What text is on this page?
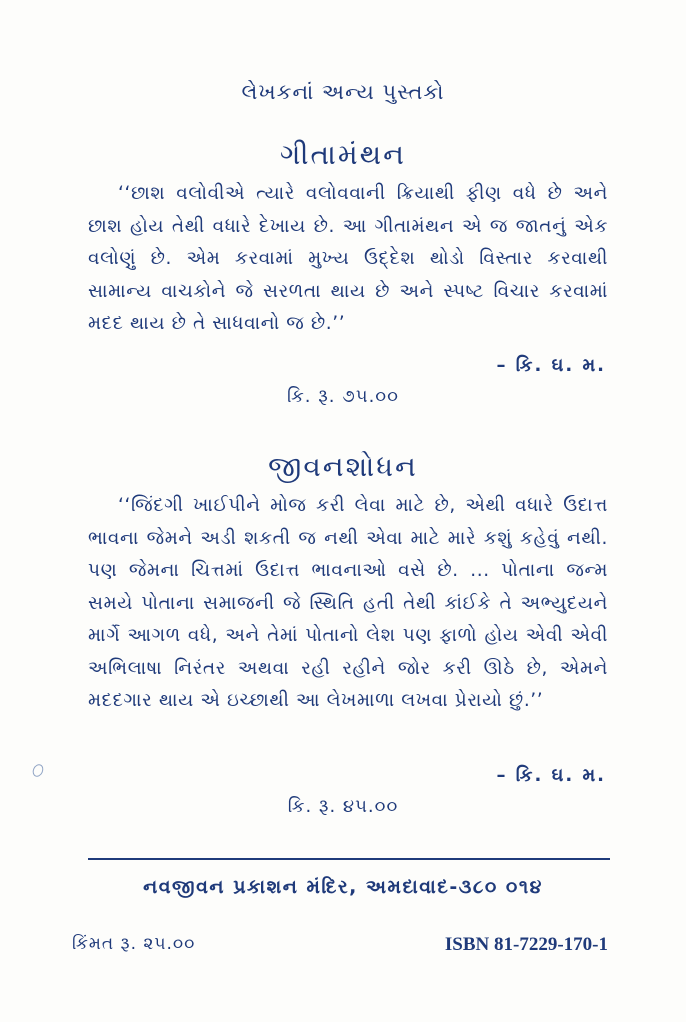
લેખકનાં અન્ય પુસ્તકો
ગીતામંથન
‘‘છાશ વલોવીએ ત્યારે વલોવવાની ક્રિયાથી ફીણ વધે છે અને છાશ હોય તેથી વધારે દેખાય છે. આ ગીતામંથન એ જ જાતનું એક વલોણું છે. એમ કરવામાં મુખ્ય ઉદ્દેશ થોડો વિસ્તાર કરવાથી સામાન્ય વાચકોને જે સરળતા થાય છે અને સ્પષ્ટ વિચાર કરવામાં મદદ થાય છે તે સાધવાનો જ છે.’’
– કિ. ઘ. મ.
કિ. રૂ. ૭૫.૦૦
જીવનશોધન
‘‘જિંદગી ખાઈપીને મોજ કરી લેવા માટે છે, એથી વધારે ઉદાત્ત ભાવના જેમને અડી શકતી જ નથી એવા માટે મારે કશું કહેવું નથી. પણ જેમના ચિત્તમાં ઉદાત્ત ભાવનાઓ વસે છે. ... પોતાના જન્મ સમયે પોતાના સમાજની જે સ્થિતિ હતી તેથી કાંઈકે તે અભ્યુદયને માર્ગે આગળ વધે, અને તેમાં પોતાનો લેશ પણ ફાળો હોય એવી એવી અભિલાષા નિરંતર અથવા રહી રહીને જોર કરી ઊઠે છે, એમને મદદગાર થાય એ ઇચ્છાથી આ લેખમાળા લખવા પ્રેરાયો છું.’’
– કિ. ઘ. મ.
કિ. રૂ. ૪૫.૦૦
નવજીવન પ્રકાશન મંદિર, અમદાવાદ-૩૮૦ ૦૧૪
કિંમત રૂ. ૨૫.૦૦	ISBN 81-7229-170-1
